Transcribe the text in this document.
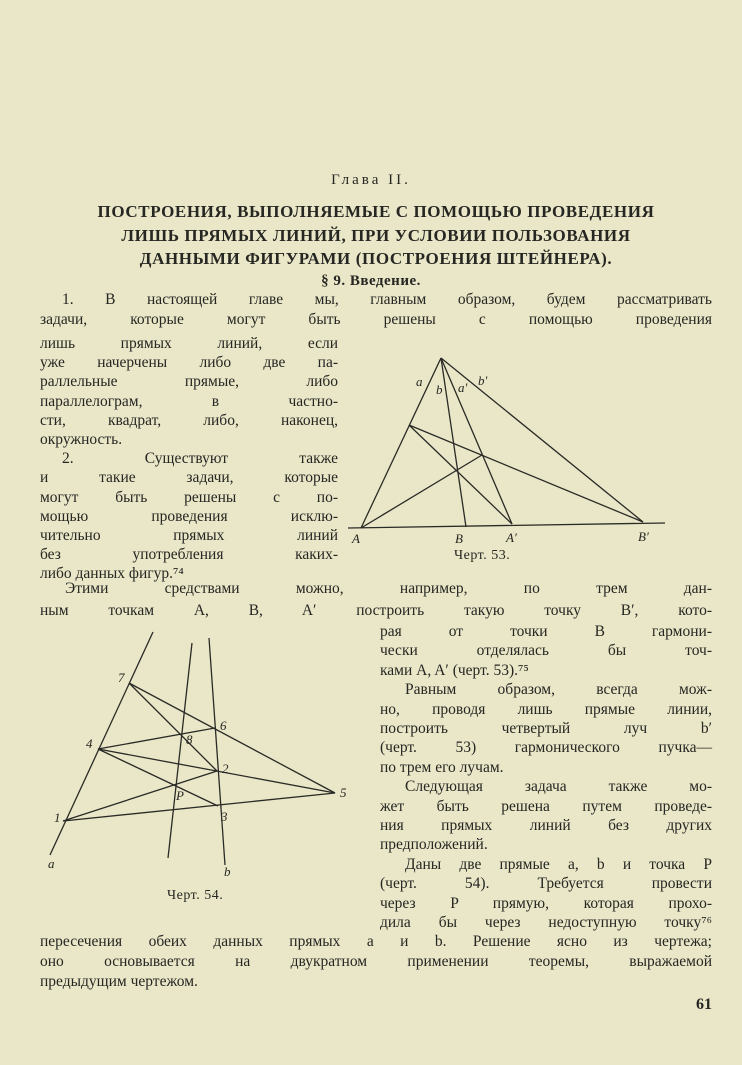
Глава II.
ПОСТРОЕНИЯ, ВЫПОЛНЯЕМЫЕ С ПОМОЩЬЮ ПРОВЕДЕНИЯ
ЛИШЬ ПРЯМЫХ ЛИНИЙ, ПРИ УСЛОВИИ ПОЛЬЗОВАНИЯ
ДАННЫМИ ФИГУРАМИ (ПОСТРОЕНИЯ ШТЕЙНЕРА).
§ 9. Введение.
1. В настоящей главе мы, главным образом, будем рассматривать
задачи, которые могут быть решены с помощью проведения
лишь прямых линий, если
уже начерчены либо две па-
раллельные прямые, либо
параллелограм, в частно-
сти, квадрат, либо, наконец,
окружность.
2. Существуют также
и такие задачи, которые
могут быть решены с по-
мощью проведения исклю-
чительно прямых линий
без употребления каких-
либо данных фигур.⁷⁴
Этими средствами можно, например, по трем дан-
ным точкам A, B, A′ построить такую точку B′, кото-
рая от точки B гармони-
чески отделялась бы точ-
ками A, A′ (черт. 53).⁷⁵
Равным образом, всегда мож-
но, проводя лишь прямые линии,
построить четвертый луч b′
(черт. 53) гармонического пучка—
по трем его лучам.
Следующая задача также мо-
жет быть решена путем проведе-
ния прямых линий без других
предположений.
Даны две прямые a, b и точка P
(черт. 54). Требуется провести
через P прямую, которая прохо-
дила бы через недоступную точку⁷⁶
пересечения обеих данных прямых a и b. Решение ясно из чертежа;
оно основывается на двукратном применении теоремы, выражаемой
предыдущим чертежом.
a
b a′ b′
A	B	A′	B′
7
4
1
6
8
2
P
3
5
a
b
Черт. 53.
Черт. 54.
61
